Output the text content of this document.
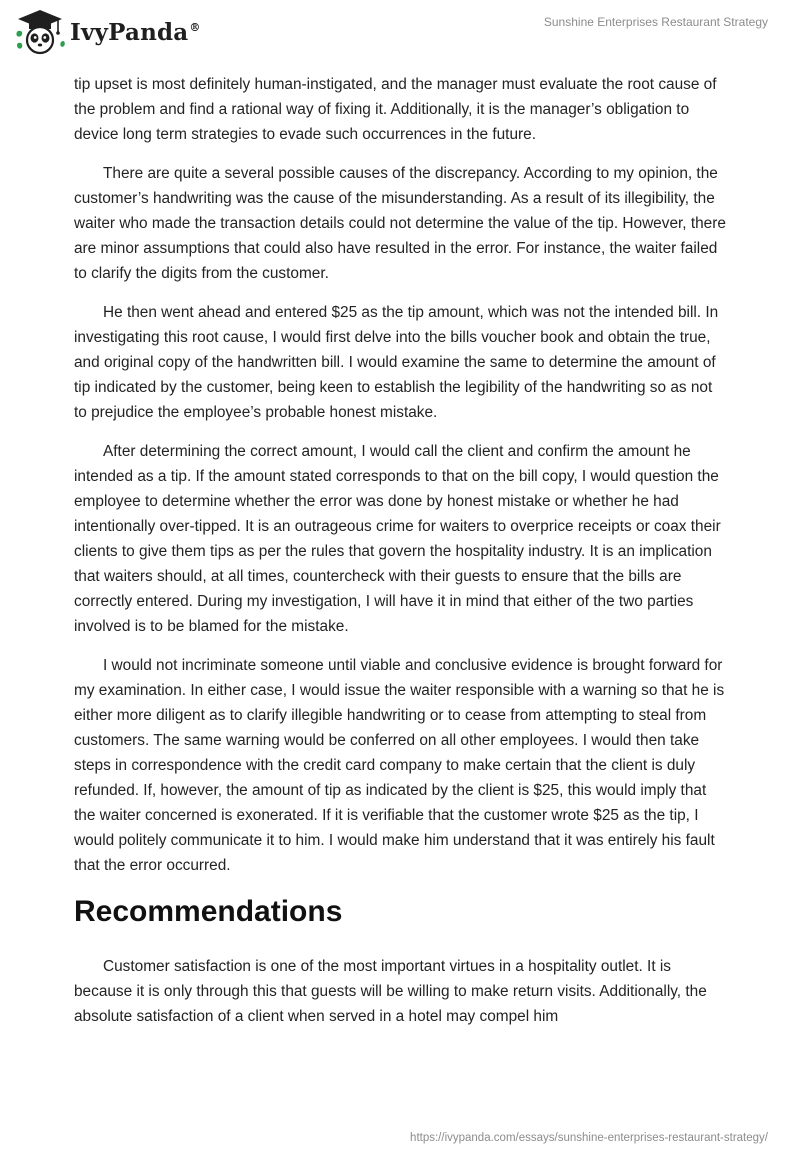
IvyPanda®	Sunshine Enterprises Restaurant Strategy

tip upset is most definitely human-instigated, and the manager must evaluate the root cause of the problem and find a rational way of fixing it. Additionally, it is the manager’s obligation to device long term strategies to evade such occurrences in the future.

There are quite a several possible causes of the discrepancy. According to my opinion, the customer’s handwriting was the cause of the misunderstanding. As a result of its illegibility, the waiter who made the transaction details could not determine the value of the tip. However, there are minor assumptions that could also have resulted in the error. For instance, the waiter failed to clarify the digits from the customer.

He then went ahead and entered $25 as the tip amount, which was not the intended bill. In investigating this root cause, I would first delve into the bills voucher book and obtain the true, and original copy of the handwritten bill. I would examine the same to determine the amount of tip indicated by the customer, being keen to establish the legibility of the handwriting so as not to prejudice the employee’s probable honest mistake.

After determining the correct amount, I would call the client and confirm the amount he intended as a tip. If the amount stated corresponds to that on the bill copy, I would question the employee to determine whether the error was done by honest mistake or whether he had intentionally over-tipped. It is an outrageous crime for waiters to overprice receipts or coax their clients to give them tips as per the rules that govern the hospitality industry. It is an implication that waiters should, at all times, countercheck with their guests to ensure that the bills are correctly entered. During my investigation, I will have it in mind that either of the two parties involved is to be blamed for the mistake.

I would not incriminate someone until viable and conclusive evidence is brought forward for my examination. In either case, I would issue the waiter responsible with a warning so that he is either more diligent as to clarify illegible handwriting or to cease from attempting to steal from customers. The same warning would be conferred on all other employees. I would then take steps in correspondence with the credit card company to make certain that the client is duly refunded. If, however, the amount of tip as indicated by the client is $25, this would imply that the waiter concerned is exonerated. If it is verifiable that the customer wrote $25 as the tip, I would politely communicate it to him. I would make him understand that it was entirely his fault that the error occurred.

Recommendations

Customer satisfaction is one of the most important virtues in a hospitality outlet. It is because it is only through this that guests will be willing to make return visits. Additionally, the absolute satisfaction of a client when served in a hotel may compel him

https://ivypanda.com/essays/sunshine-enterprises-restaurant-strategy/
